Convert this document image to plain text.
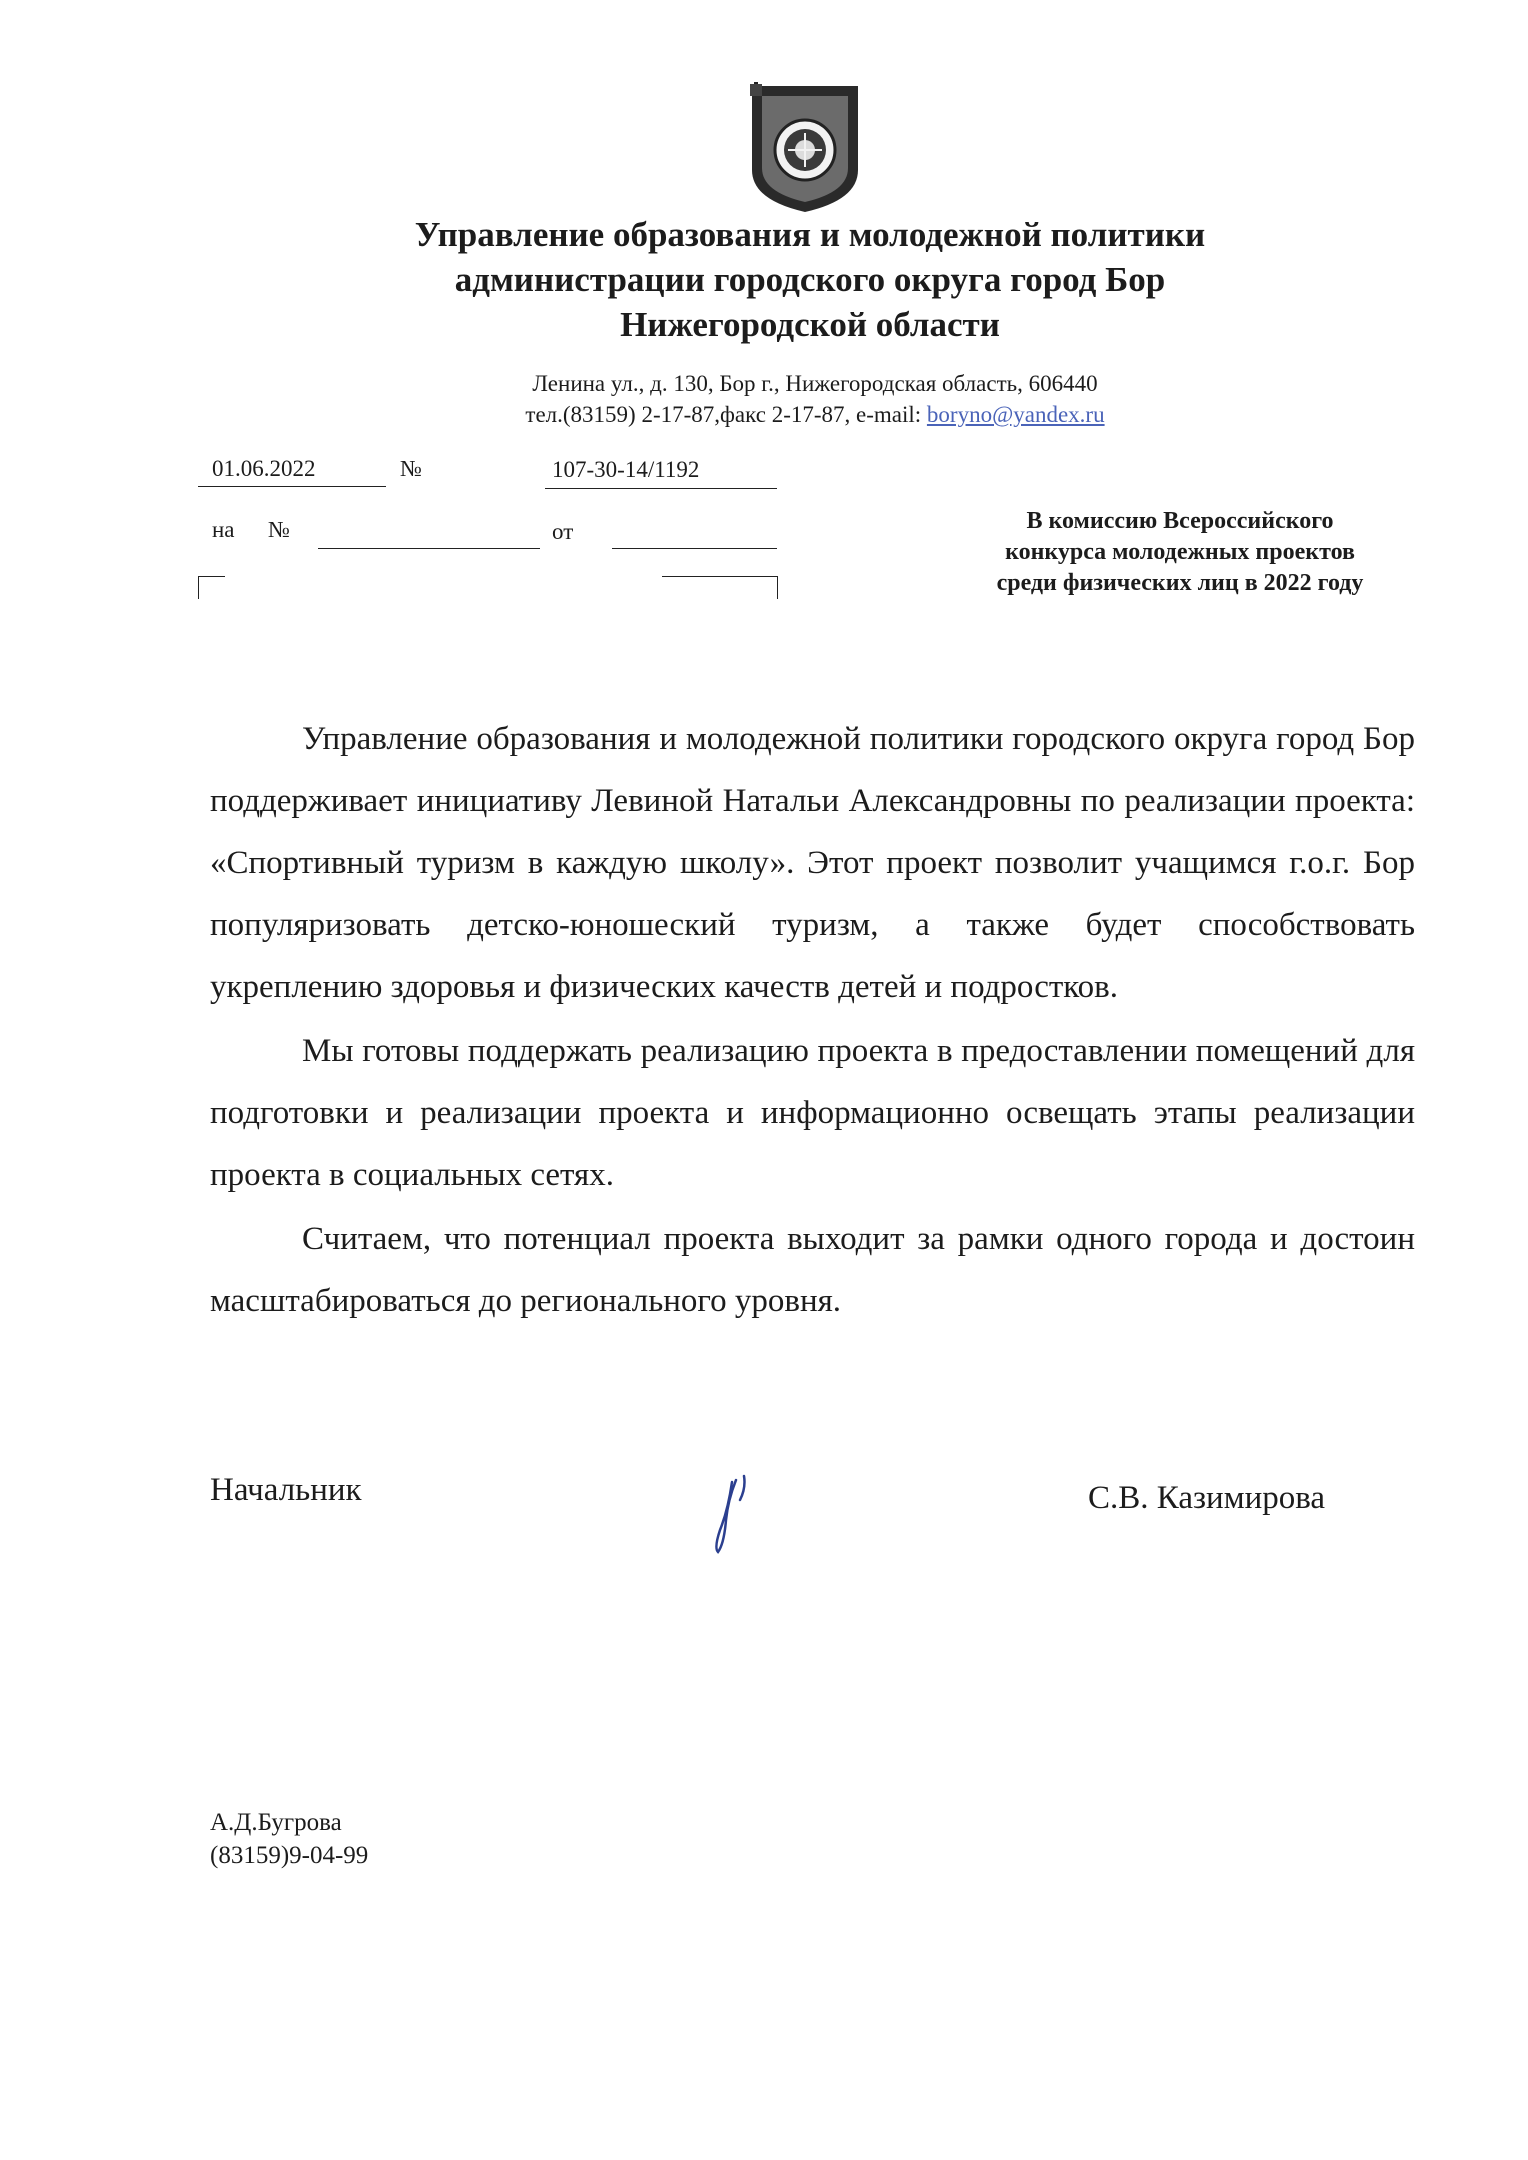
Управление образования и молодежной политики
администрации городского округа город Бор
Нижегородской области
Ленина ул., д. 130, Бор г., Нижегородская область, 606440
тел.(83159) 2-17-87,факс 2-17-87, e-mail: boryno@yandex.ru
01.06.2022	№	107-30-14/1192
на №	от	В комиссию Всероссийского
конкурса молодежных проектов
среди физических лиц в 2022 году

Управление образования и молодежной политики городского округа город Бор поддерживает инициативу Левиной Натальи Александровны по реализации проекта: «Спортивный туризм в каждую школу». Этот проект позволит учащимся г.о.г. Бор популяризовать детско-юношеский туризм, а также будет способствовать укреплению здоровья и физических качеств детей и подростков.

Мы готовы поддержать реализацию проекта в предоставлении помещений для подготовки и реализации проекта и информационно освещать этапы реализации проекта в социальных сетях.

Считаем, что потенциал проекта выходит за рамки одного города и достоин масштабироваться до регионального уровня.

Начальник	С.В. Казимирова
А.Д.Бугрова
(83159)9-04-99
